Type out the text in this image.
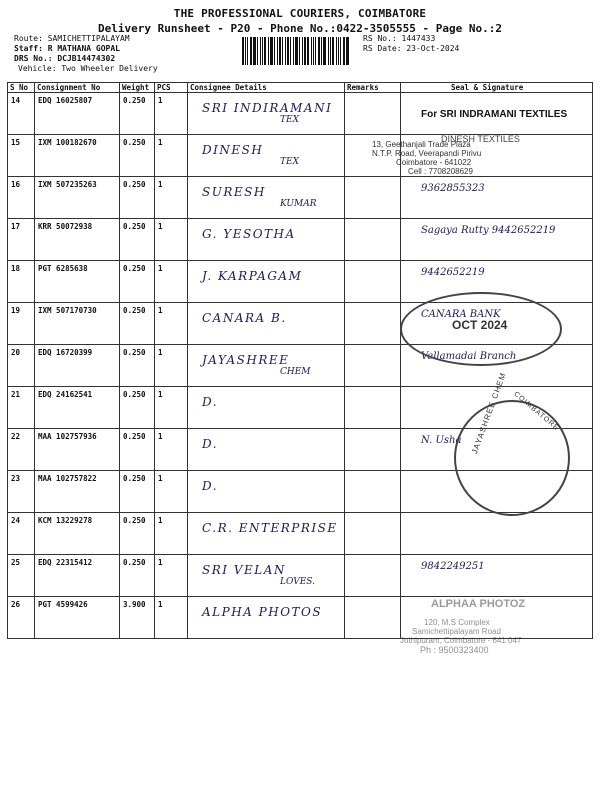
THE PROFESSIONAL COURIERS, COIMBATORE
Delivery Runsheet - P20 - Phone No.:0422-3505555 - Page No.:2
Route: SAMICHETTIPALAYAM
Staff: R MATHANA GOPAL
DRS No.: DCJB14474302
Vehicle: Two Wheeler Delivery
RS No.: 1447433
RS Date: 23-Oct-2024
S No	Consignment No	Weight	PCS	Consignee Details	Remarks	Seal & Signature
14	EDQ 16025807	0.250	1	SRI INDIRAMANI
TEX		For SRI INDRAMANI TEXTILES

15	IXM 100182670	0.250	1	DINESH
TEX		DINESH TEXTILES

16	IXM 507235263	0.250	1	SURESH
KUMAR		9362855323

17	KRR 50072938	0.250	1	G. YESOTHA		Sagaya Rutty 9442652219

18	PGT 6285638	0.250	1	J. KARPAGAM		9442652219

19	IXM 507170730	0.250	1	CANARA B.		CANARA BANK

20	EDQ 16720399	0.250	1	JAYASHREE
CHEM		Vellamadai Branch

21	EDQ 24162541	0.250	1	D.		

22	MAA 102757936	0.250	1	D.		N. Usha

23	MAA 102757822	0.250	1	D.		

24	KCM 13229278	0.250	1	C.R. ENTERPRISE		

25	EDQ 22315412	0.250	1	SRI VELAN
LOVES.		9842249251

26	PGT 4599426	3.900	1	ALPHA PHOTOS		ALPHAA PHOTOZ
13, Geethanjali Trade Plaza
N.T.P. Road, Veerapandi Pirivu
Coimbatore - 641022
Cell : 7708208629
OCT 2024
JAYASHREE CHEM COIMBATORE
120, M.S Complex
Samichettipalayam Road
Jothipuram, Coimbatore - 641 047
Ph : 9500323400
